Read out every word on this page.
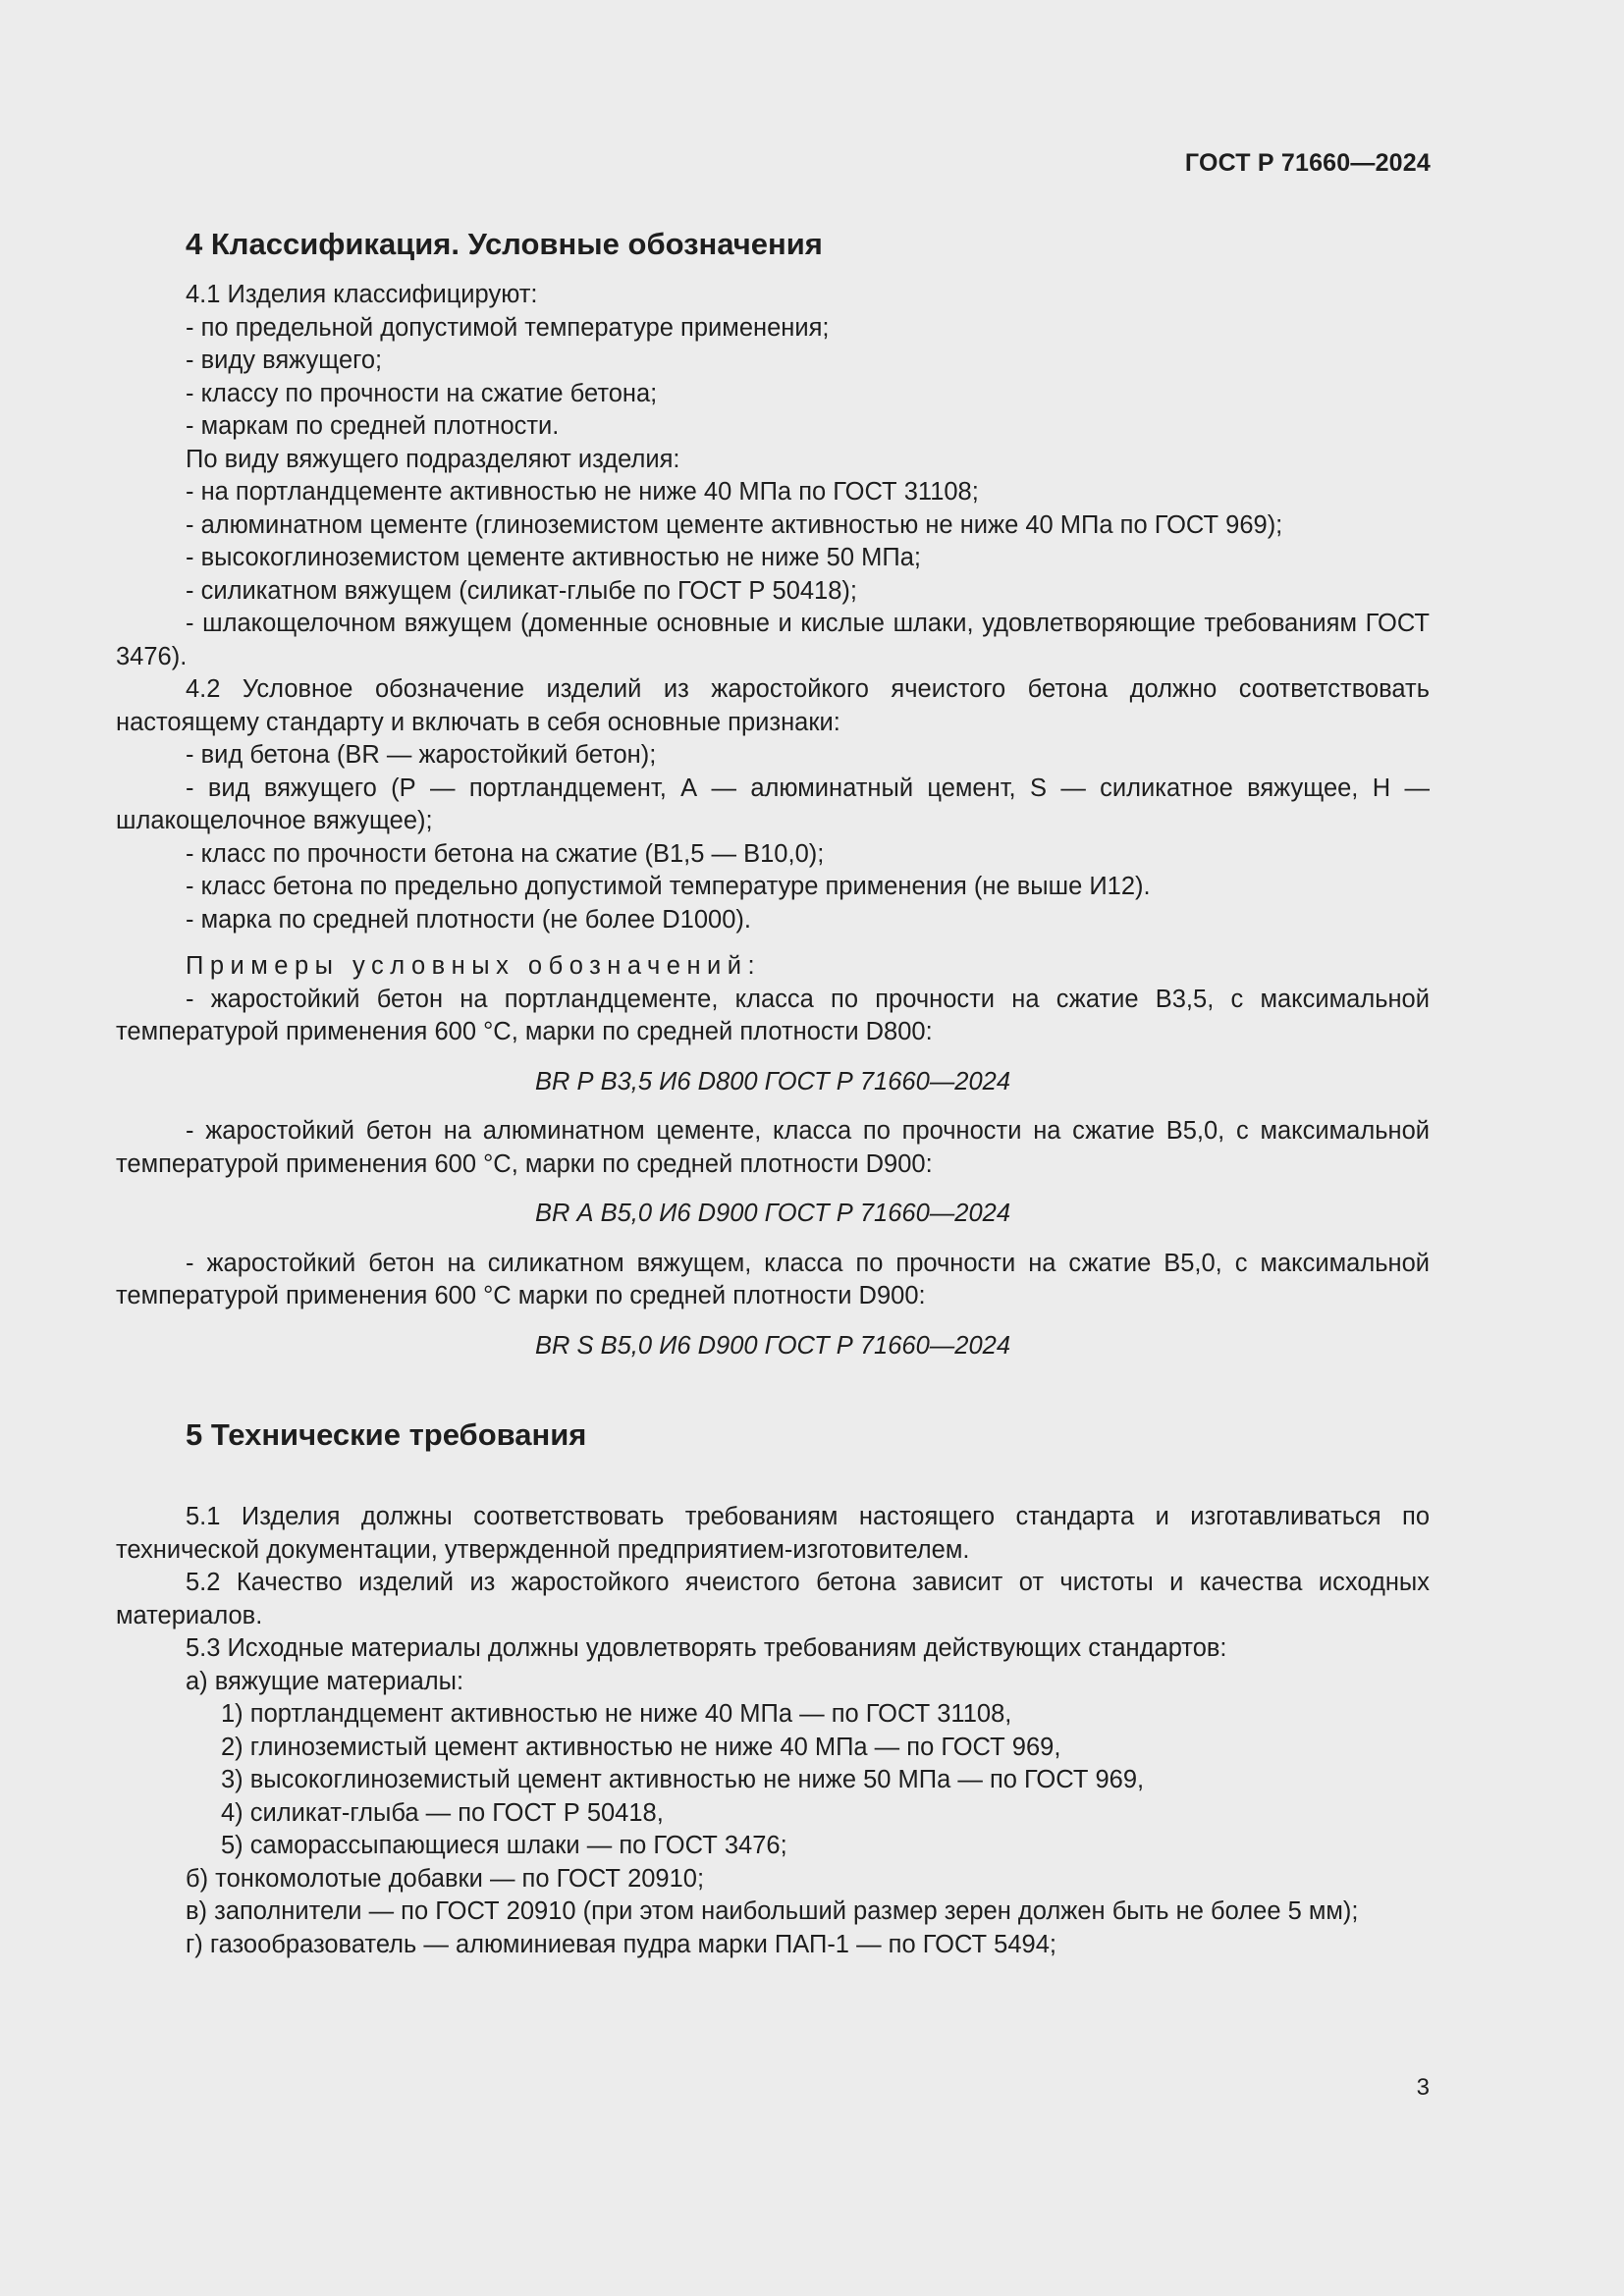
ГОСТ Р 71660—2024
4 Классификация. Условные обозначения

4.1 Изделия классифицируют:

- по предельной допустимой температуре применения;

- виду вяжущего;

- классу по прочности на сжатие бетона;

- маркам по средней плотности.

По виду вяжущего подразделяют изделия:

- на портландцементе активностью не ниже 40 МПа по ГОСТ 31108;

- алюминатном цементе (глиноземистом цементе активностью не ниже 40 МПа по ГОСТ 969);

- высокоглиноземистом цементе активностью не ниже 50 МПа;

- силикатном вяжущем (силикат-глыбе по ГОСТ Р 50418);

- шлакощелочном вяжущем (доменные основные и кислые шлаки, удовлетворяющие требованиям ГОСТ 3476).

4.2 Условное обозначение изделий из жаростойкого ячеистого бетона должно соответствовать настоящему стандарту и включать в себя основные признаки:

- вид бетона (BR — жаростойкий бетон);

- вид вяжущего (Р — портландцемент, А — алюминатный цемент, S — силикатное вяжущее, Н — шлакощелочное вяжущее);

- класс по прочности бетона на сжатие (В1,5 — В10,0);

- класс бетона по предельно допустимой температуре применения (не выше И12).

- марка по средней плотности (не более D1000).

Примеры условных обозначений:

- жаростойкий бетон на портландцементе, класса по прочности на сжатие В3,5, с максимальной температурой применения 600 °С, марки по средней плотности D800:

BR Р В3,5 И6 D800 ГОСТ Р 71660—2024

- жаростойкий бетон на алюминатном цементе, класса по прочности на сжатие В5,0, с максимальной температурой применения 600 °С, марки по средней плотности D900:

BR А В5,0 И6 D900 ГОСТ Р 71660—2024

- жаростойкий бетон на силикатном вяжущем, класса по прочности на сжатие В5,0, с максимальной температурой применения 600 °С марки по средней плотности D900:

BR S В5,0 И6 D900 ГОСТ Р 71660—2024

5 Технические требования

5.1 Изделия должны соответствовать требованиям настоящего стандарта и изготавливаться по технической документации, утвержденной предприятием-изготовителем.

5.2 Качество изделий из жаростойкого ячеистого бетона зависит от чистоты и качества исходных материалов.

5.3 Исходные материалы должны удовлетворять требованиям действующих стандартов:

а) вяжущие материалы:

1) портландцемент активностью не ниже 40 МПа — по ГОСТ 31108,

2) глиноземистый цемент активностью не ниже 40 МПа — по ГОСТ 969,

3) высокоглиноземистый цемент активностью не ниже 50 МПа — по ГОСТ 969,

4) силикат-глыба — по ГОСТ Р 50418,

5) саморассыпающиеся шлаки — по ГОСТ 3476;

б) тонкомолотые добавки — по ГОСТ 20910;

в) заполнители — по ГОСТ 20910 (при этом наибольший размер зерен должен быть не более 5 мм);

г) газообразователь — алюминиевая пудра марки ПАП-1 — по ГОСТ 5494;

3
